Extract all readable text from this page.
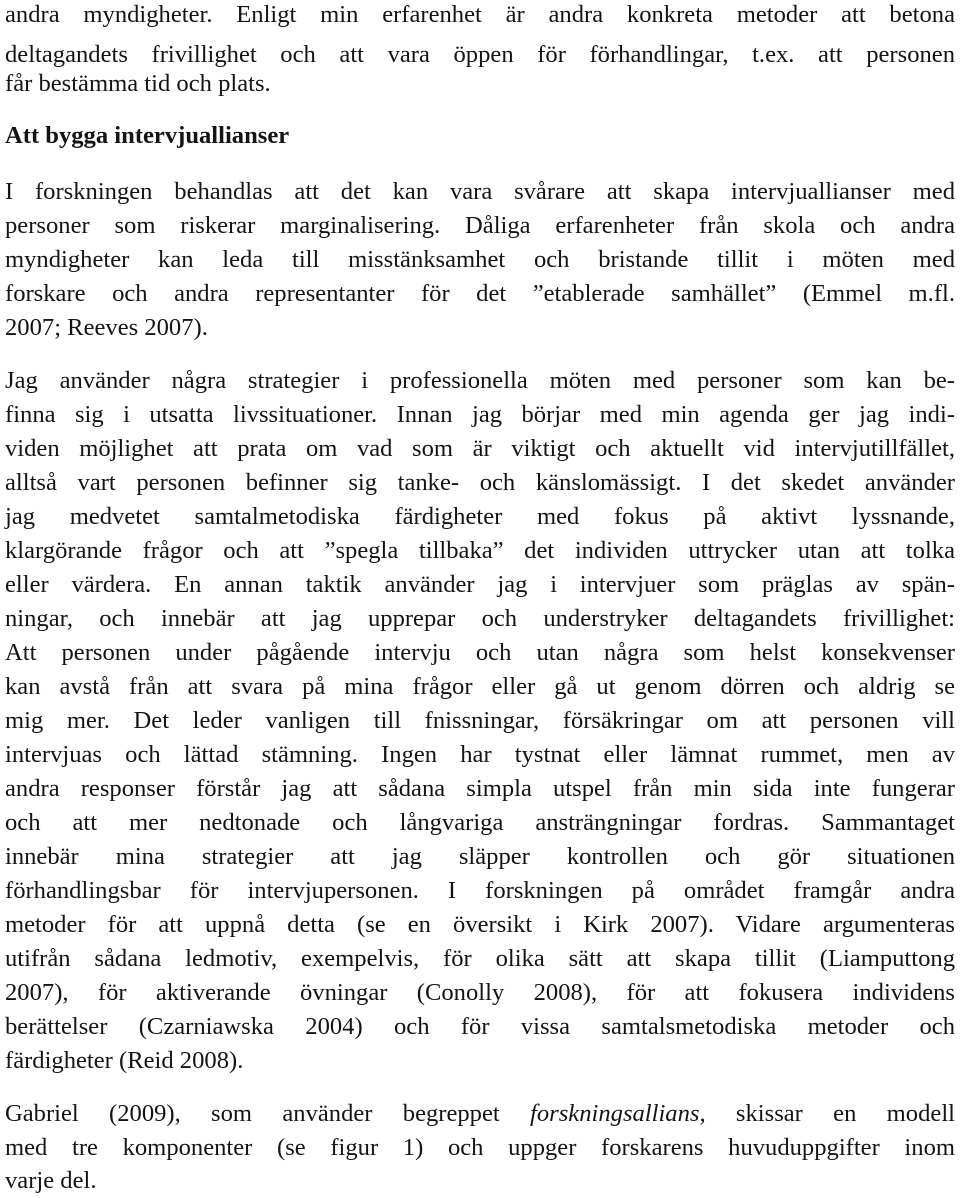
andra myndigheter. Enligt min erfarenhet är andra konkreta metoder att betona
deltagandets frivillighet och att vara öppen för förhandlingar, t.ex. att personen
får bestämma tid och plats.
Att bygga intervjuallianser
I forskningen behandlas att det kan vara svårare att skapa intervjuallianser med
personer som riskerar marginalisering. Dåliga erfarenheter från skola och andra
myndigheter kan leda till misstänksamhet och bristande tillit i möten med
forskare och andra representanter för det ”etablerade samhället” (Emmel m.fl.
2007; Reeves 2007).
Jag använder några strategier i professionella möten med personer som kan be-
finna sig i utsatta livssituationer. Innan jag börjar med min agenda ger jag indi-
viden möjlighet att prata om vad som är viktigt och aktuellt vid intervjutillfället,
alltså vart personen befinner sig tanke- och känslomässigt. I det skedet använder
jag medvetet samtalmetodiska färdigheter med fokus på aktivt lyssnande,
klargörande frågor och att ”spegla tillbaka” det individen uttrycker utan att tolka
eller värdera. En annan taktik använder jag i intervjuer som präglas av spän-
ningar, och innebär att jag upprepar och understryker deltagandets frivillighet:
Att personen under pågående intervju och utan några som helst konsekvenser
kan avstå från att svara på mina frågor eller gå ut genom dörren och aldrig se
mig mer. Det leder vanligen till fnissningar, försäkringar om att personen vill
intervjuas och lättad stämning. Ingen har tystnat eller lämnat rummet, men av
andra responser förstår jag att sådana simpla utspel från min sida inte fungerar
och att mer nedtonade och långvariga ansträngningar fordras. Sammantaget
innebär mina strategier att jag släpper kontrollen och gör situationen
förhandlingsbar för intervjupersonen. I forskningen på området framgår andra
metoder för att uppnå detta (se en översikt i Kirk 2007). Vidare argumenteras
utifrån sådana ledmotiv, exempelvis, för olika sätt att skapa tillit (Liamputtong
2007), för aktiverande övningar (Conolly 2008), för att fokusera individens
berättelser (Czarniawska 2004) och för vissa samtalsmetodiska metoder och
färdigheter (Reid 2008).
Gabriel (2009), som använder begreppet forskningsallians, skissar en modell
med tre komponenter (se figur 1) och uppger forskarens huvuduppgifter inom
varje del.
